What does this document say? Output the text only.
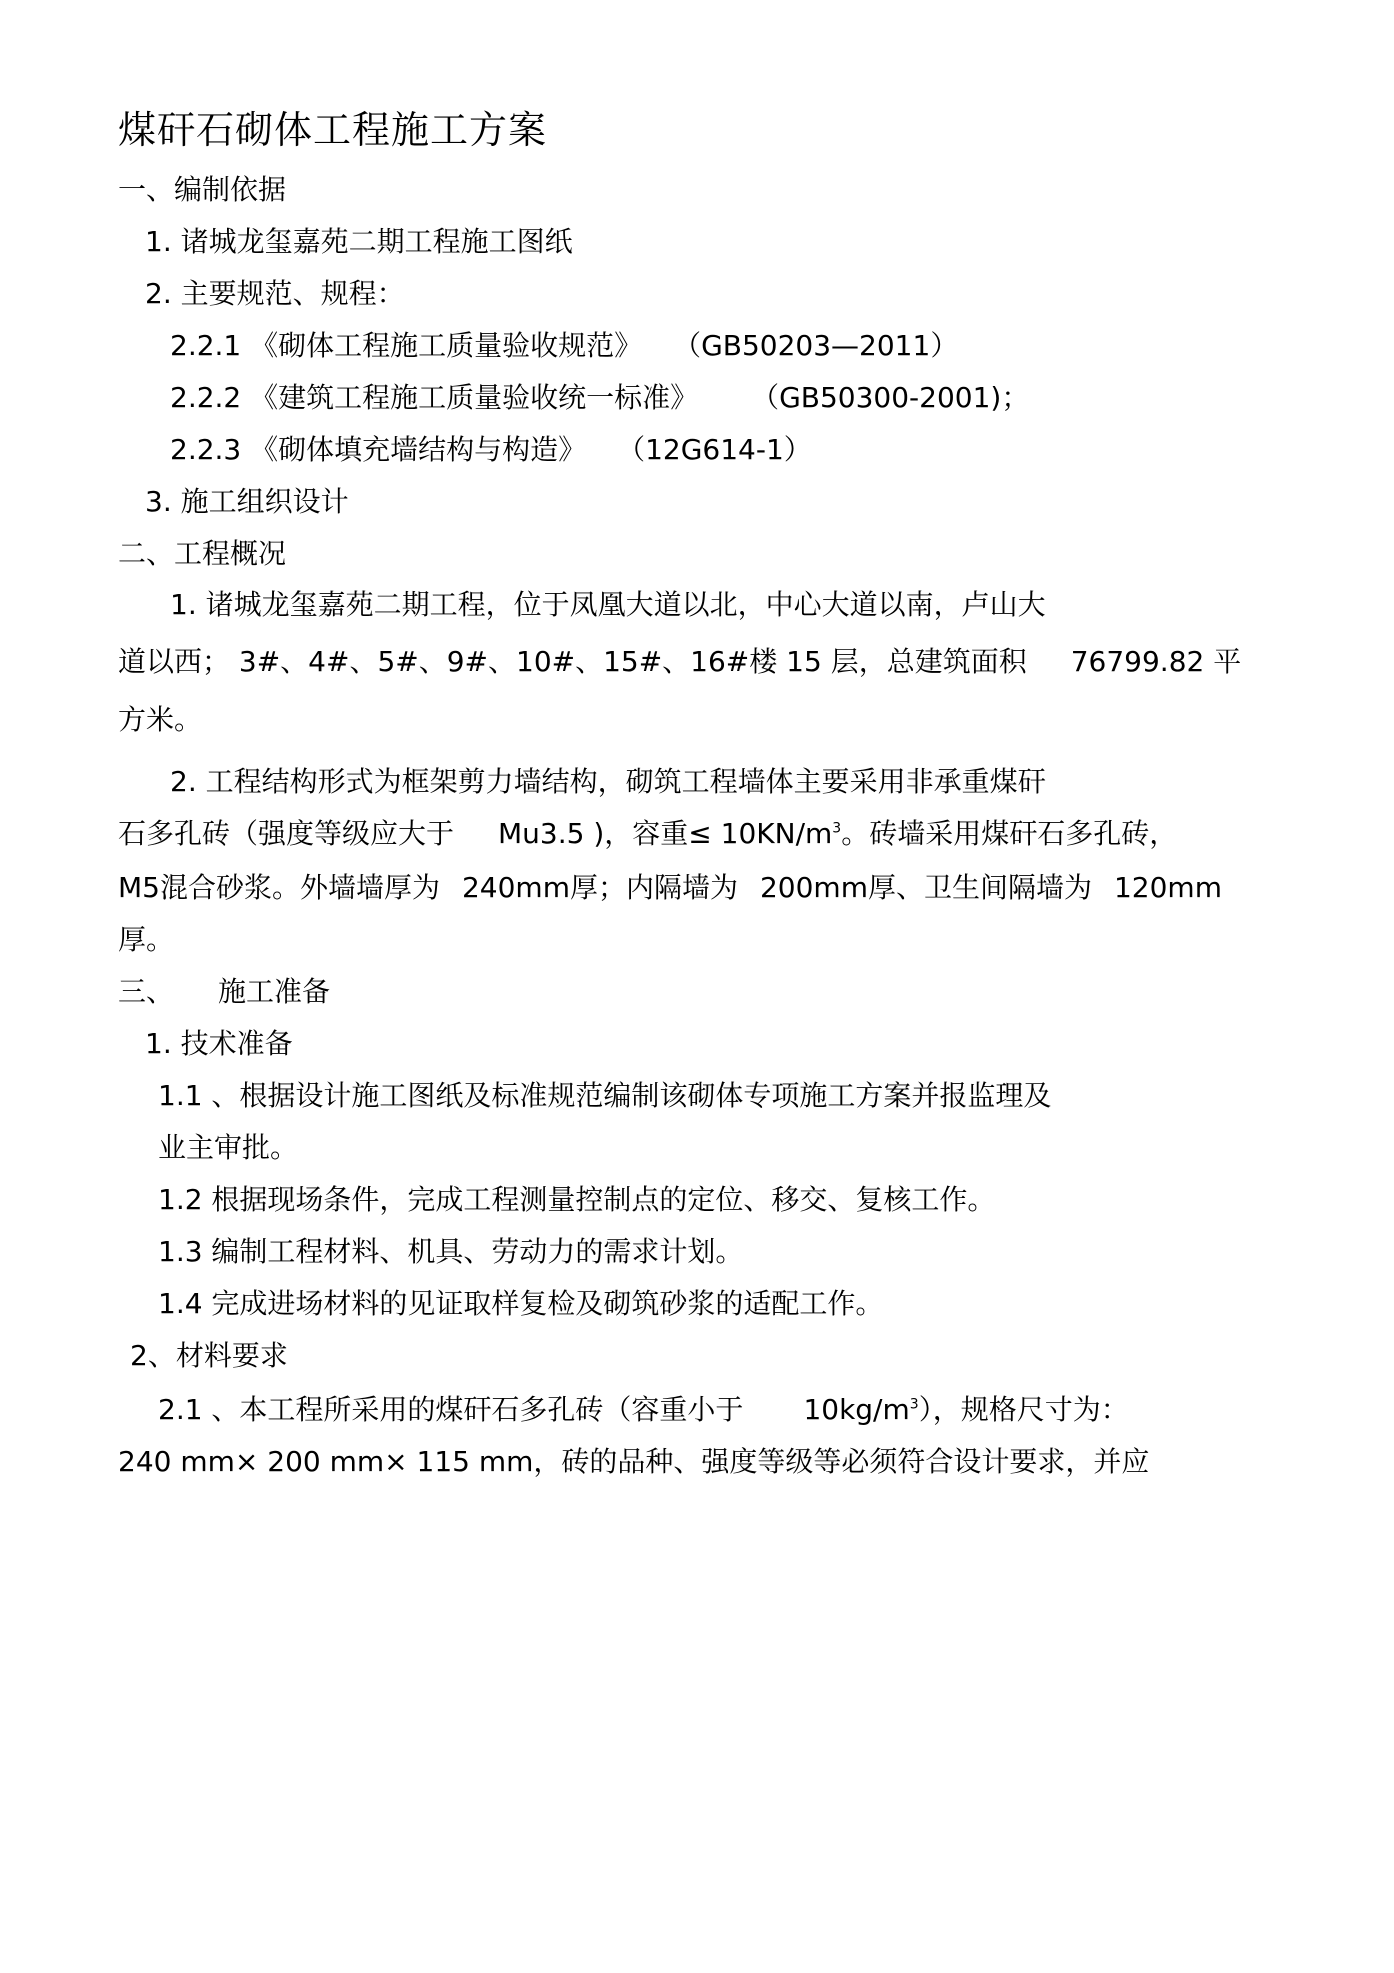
煤矸石砌体工程施工方案
一、编制依据
1. 诸城龙玺嘉苑二期工程施工图纸
2. 主要规范、规程：
2.2.1 《砌体工程施工质量验收规范》 （GB50203—2011）
2.2.2 《建筑工程施工质量验收统一标准》 （GB50300-2001)；
2.2.3 《砌体填充墙结构与构造》 （12G614-1）
3. 施工组织设计
二、工程概况
1. 诸城龙玺嘉苑二期工程，位于凤凰大道以北，中心大道以南，卢山大
道以西； 3#、4#、5#、9#、10#、15#、16#楼 15 层，总建筑面积 76799.82 平
方米。
2. 工程结构形式为框架剪力墙结构，砌筑工程墙体主要采用非承重煤矸
石多孔砖（强度等级应大于 Mu3.5 )，容重≤ $10KN/m^3$。砖墙采用煤矸石多孔砖，
M5混合砂浆。外墙墙厚为 240mm厚；内隔墙为 200mm厚、卫生间隔墙为 120mm
厚。
三、 施工准备
1. 技术准备
1.1 、根据设计施工图纸及标准规范编制该砌体专项施工方案并报监理及
业主审批。
1.2 根据现场条件，完成工程测量控制点的定位、移交、复核工作。
1.3 编制工程材料、机具、劳动力的需求计划。
1.4 完成进场材料的见证取样复检及砌筑砂浆的适配工作。
2、材料要求
2.1 、本工程所采用的煤矸石多孔砖（容重小于 $10kg/m^3$），规格尺寸为：
240 mm× 200 mm× 115 mm，砖的品种、强度等级等必须符合设计要求，并应
